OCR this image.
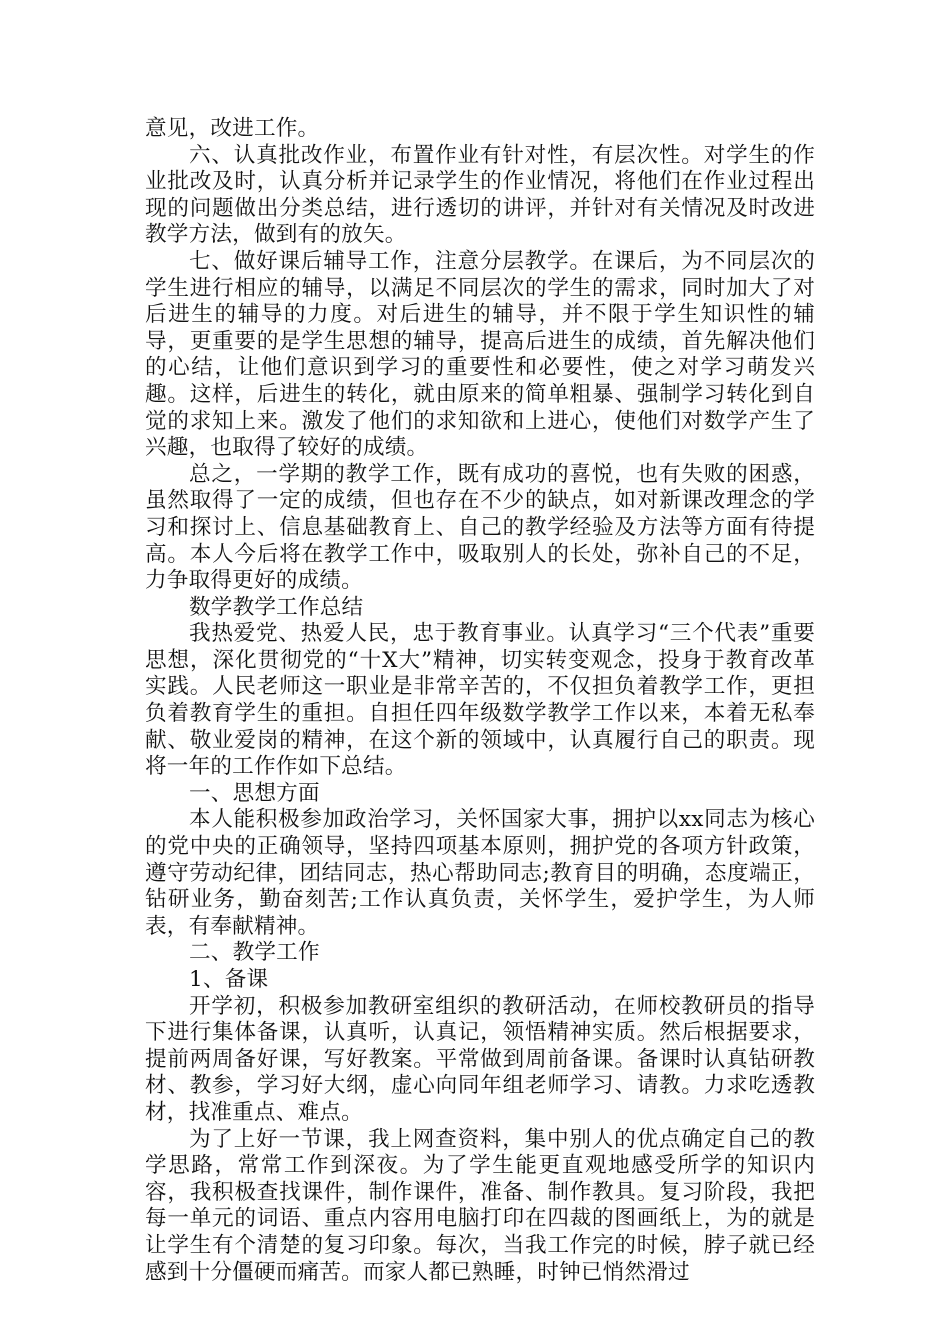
意见，改进工作。

六、认真批改作业，布置作业有针对性，有层次性。对学生的作业批改及时，认真分析并记录学生的作业情况，将他们在作业过程出现的问题做出分类总结，进行透切的讲评，并针对有关情况及时改进教学方法，做到有的放矢。

七、做好课后辅导工作，注意分层教学。在课后，为不同层次的学生进行相应的辅导，以满足不同层次的学生的需求，同时加大了对后进生的辅导的力度。对后进生的辅导，并不限于学生知识性的辅导，更重要的是学生思想的辅导，提高后进生的成绩，首先解决他们的心结，让他们意识到学习的重要性和必要性，使之对学习萌发兴趣。这样，后进生的转化，就由原来的简单粗暴、强制学习转化到自觉的求知上来。激发了他们的求知欲和上进心，使他们对数学产生了兴趣，也取得了较好的成绩。

总之，一学期的教学工作，既有成功的喜悦，也有失败的困惑，虽然取得了一定的成绩，但也存在不少的缺点，如对新课改理念的学习和探讨上、信息基础教育上、自己的教学经验及方法等方面有待提高。本人今后将在教学工作中，吸取别人的长处，弥补自己的不足，力争取得更好的成绩。

数学教学工作总结

我热爱党、热爱人民，忠于教育事业。认真学习“三个代表”重要思想，深化贯彻党的“十X大”精神，切实转变观念，投身于教育改革实践。人民老师这一职业是非常辛苦的，不仅担负着教学工作，更担负着教育学生的重担。自担任四年级数学教学工作以来，本着无私奉献、敬业爱岗的精神，在这个新的领域中，认真履行自己的职责。现将一年的工作作如下总结。

一、思想方面

本人能积极参加政治学习，关怀国家大事，拥护以xx同志为核心的党中央的正确领导，坚持四项基本原则，拥护党的各项方针政策，遵守劳动纪律，团结同志，热心帮助同志;教育目的明确，态度端正，钻研业务，勤奋刻苦;工作认真负责，关怀学生，爱护学生，为人师表，有奉献精神。

二、教学工作

1、备课

开学初，积极参加教研室组织的教研活动，在师校教研员的指导下进行集体备课，认真听，认真记，领悟精神实质。然后根据要求，提前两周备好课，写好教案。平常做到周前备课。备课时认真钻研教材、教参，学习好大纲，虚心向同年组老师学习、请教。力求吃透教材，找准重点、难点。

为了上好一节课，我上网查资料，集中别人的优点确定自己的教学思路，常常工作到深夜。为了学生能更直观地感受所学的知识内容，我积极查找课件，制作课件，准备、制作教具。复习阶段，我把每一单元的词语、重点内容用电脑打印在四裁的图画纸上，为的就是让学生有个清楚的复习印象。每次，当我工作完的时候，脖子就已经感到十分僵硬而痛苦。而家人都已熟睡，时钟已悄然滑过
